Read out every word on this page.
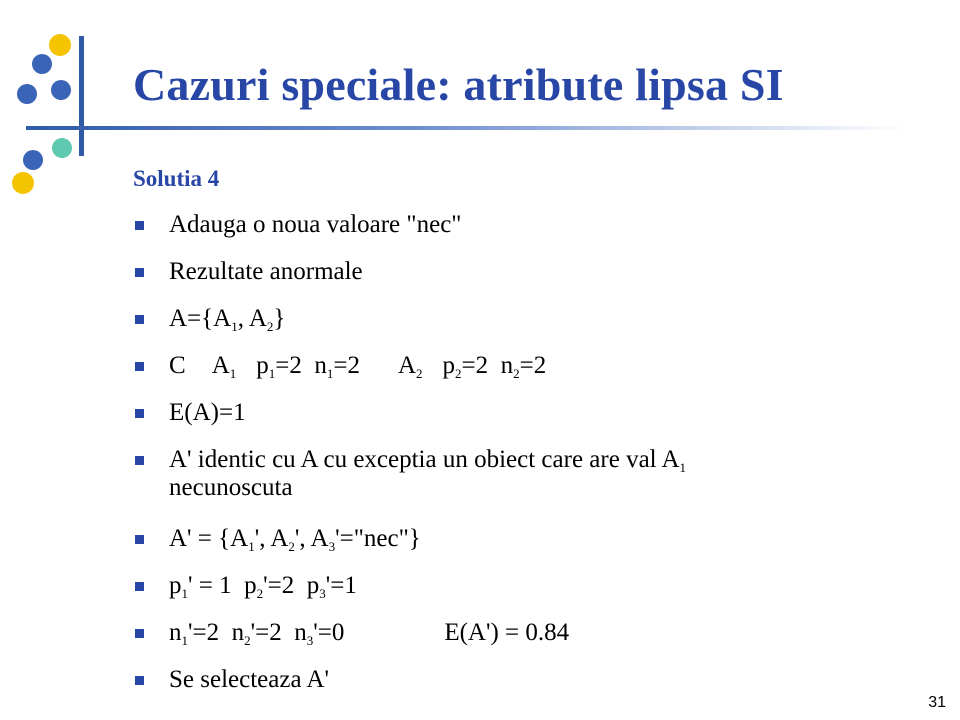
Cazuri speciale: atribute lipsa SI
Solutia 4
Adauga o noua valoare "nec"
Rezultate anormale
$A=\{A_1$, $A_2$}
C $A_1$ $p_1=2$ $n_1=2$ $A_2$ $p_2=2$ $n_2=2$
E(A)=1
A' identic cu A cu exceptia un obiect care are val $A_1$
necunoscuta
$A' = \{A_1'$, $A_2'$, $A_3'="nec$"}
$p_1' = 1$  $p_2'=2$  $p_3'=1$
$n_1'=2$  $n_2'=2$  $n_3'=0$	E(A') = 0.84
Se selecteaza A'
31
